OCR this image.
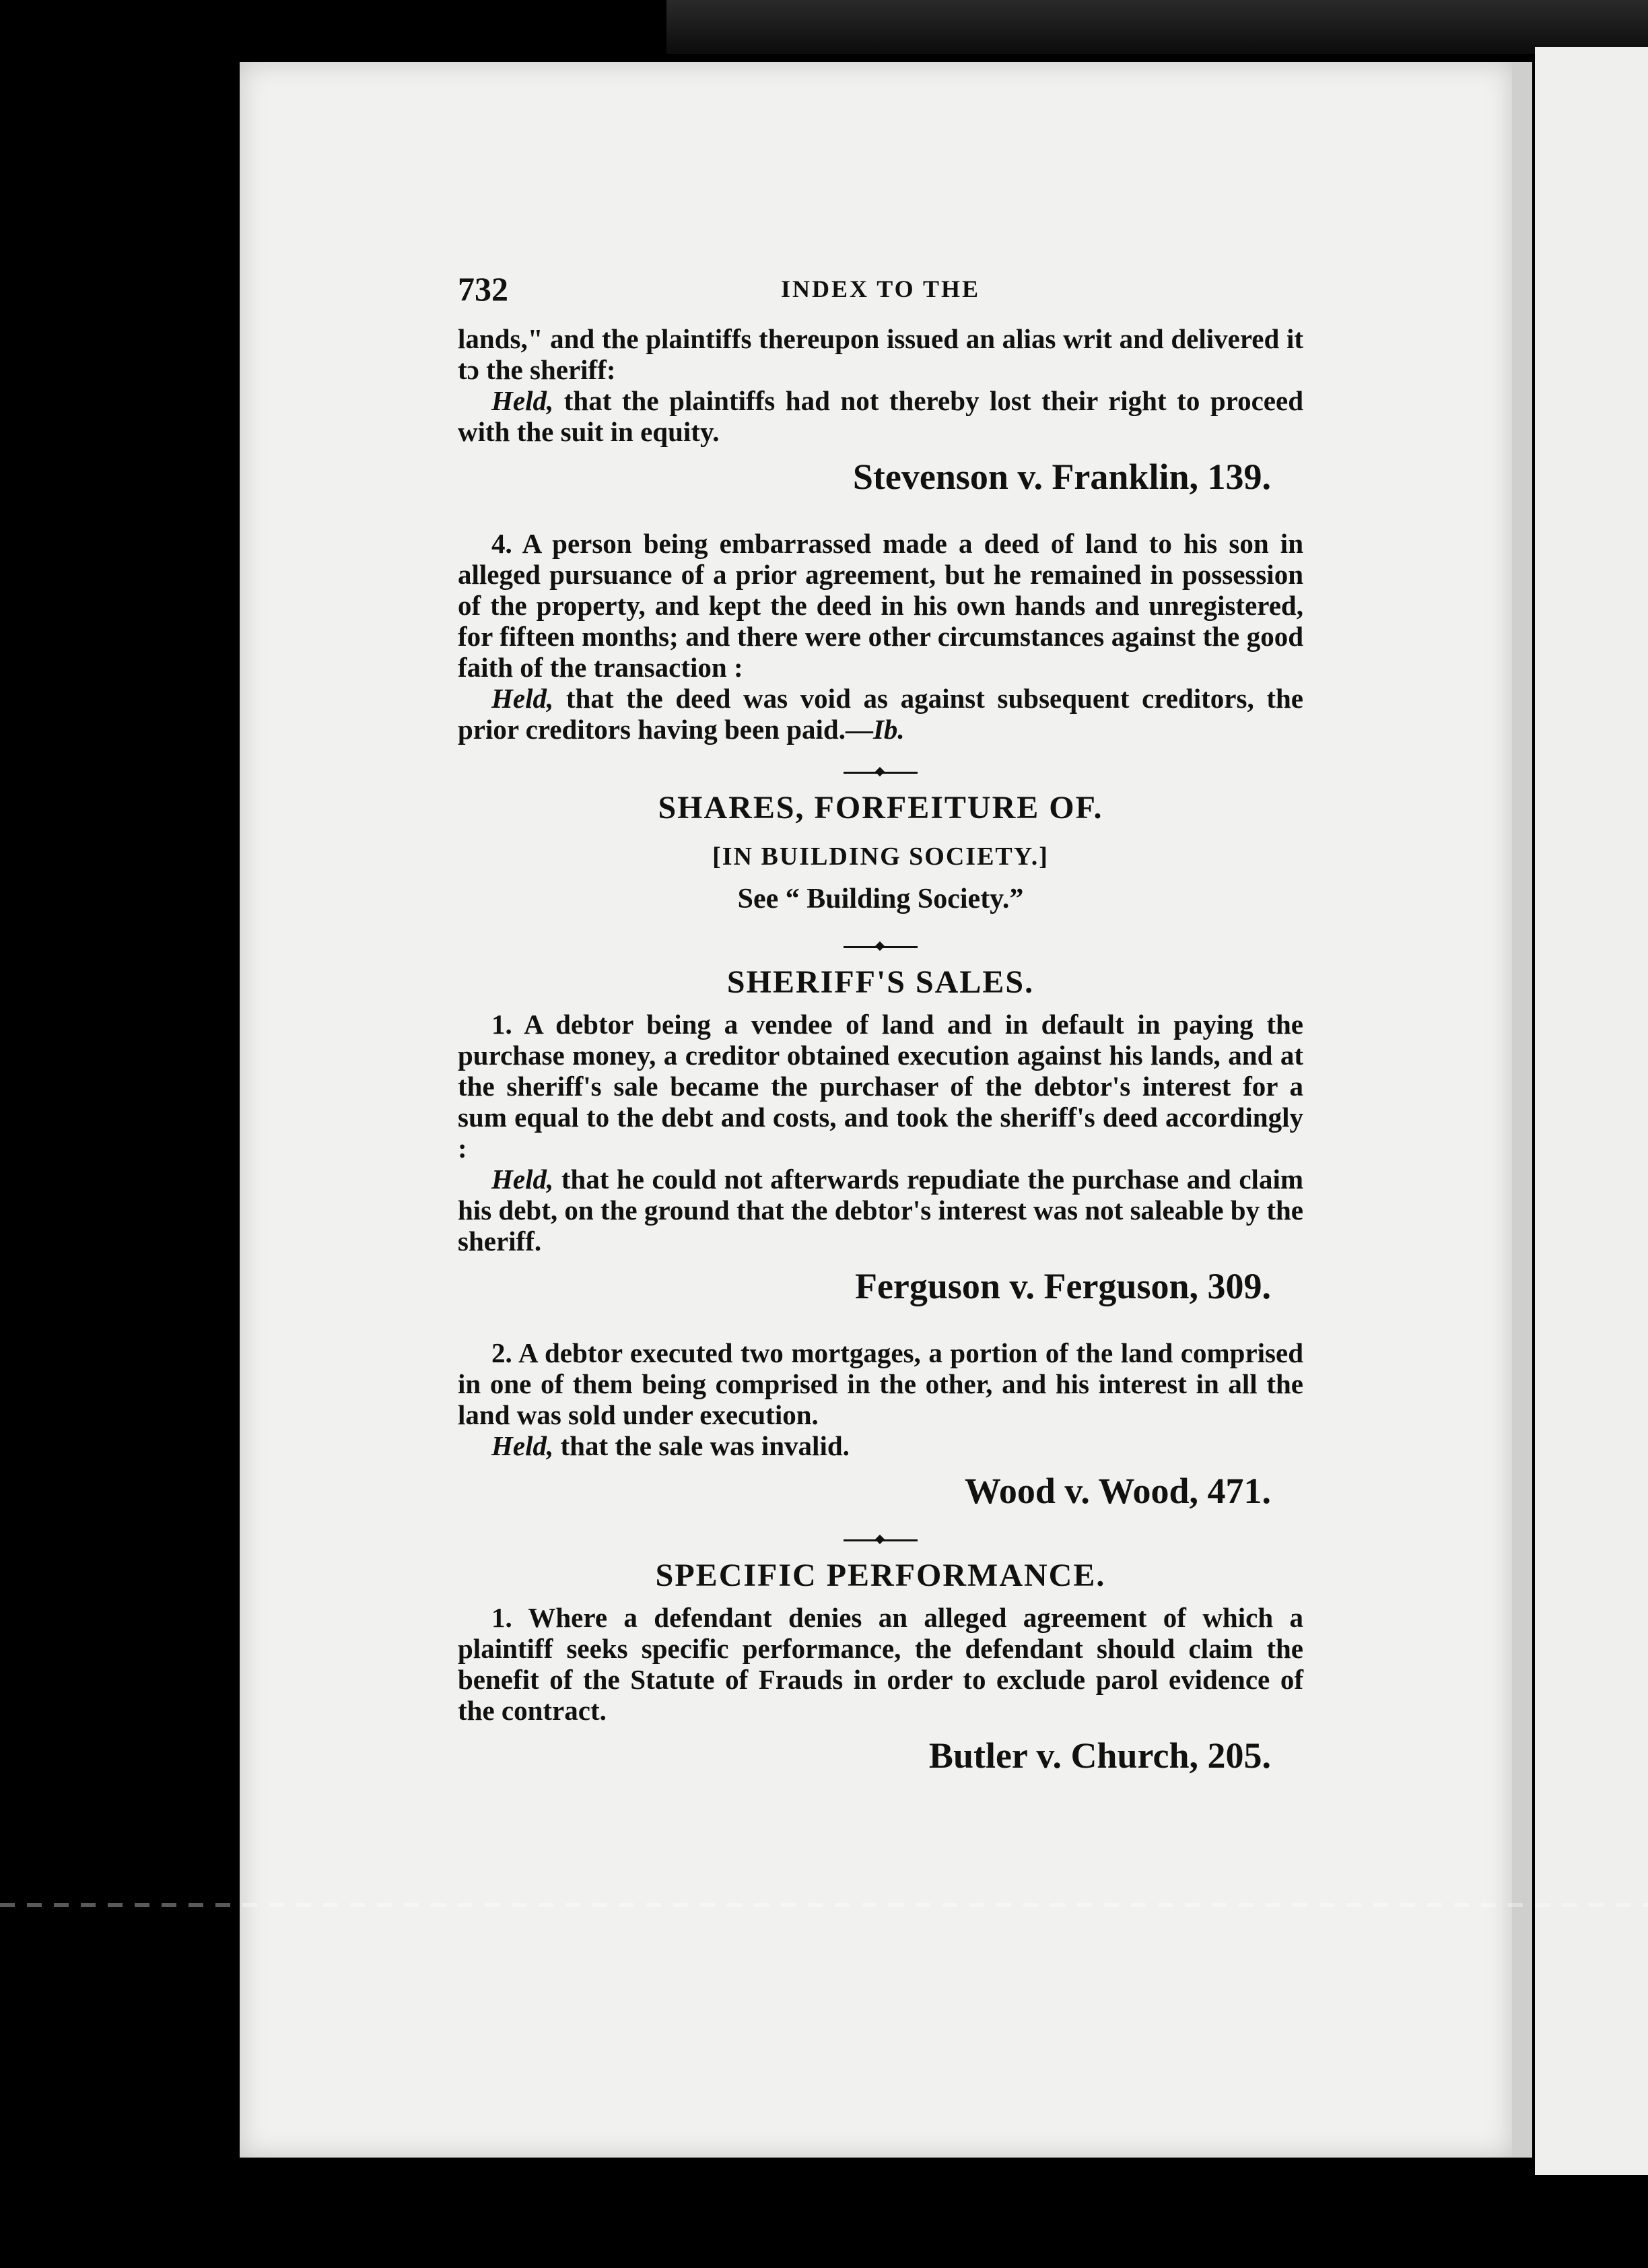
732	INDEX TO THE

lands," and the plaintiffs thereupon issued an alias writ and delivered it tɔ the sheriff:

Held, that the plaintiffs had not thereby lost their right to proceed with the suit in equity.

Stevenson v. Franklin, 139.

4. A person being embarrassed made a deed of land to his son in alleged pursuance of a prior agreement, but he remained in possession of the property, and kept the deed in his own hands and unregistered, for fifteen months; and there were other circumstances against the good faith of the transaction :

Held, that the deed was void as against subsequent creditors, the prior creditors having been paid.—Ib.

SHARES, FORFEITURE OF.
[IN BUILDING SOCIETY.]
See “ Building Society.”
SHERIFF'S SALES.

1. A debtor being a vendee of land and in default in paying the purchase money, a creditor obtained execution against his lands, and at the sheriff's sale became the purchaser of the debtor's interest for a sum equal to the debt and costs, and took the sheriff's deed accordingly :

Held, that he could not afterwards repudiate the purchase and claim his debt, on the ground that the debtor's interest was not saleable by the sheriff.

Ferguson v. Ferguson, 309.

2. A debtor executed two mortgages, a portion of the land comprised in one of them being comprised in the other, and his interest in all the land was sold under execution.

Held, that the sale was invalid.

Wood v. Wood, 471.
SPECIFIC PERFORMANCE.

1. Where a defendant denies an alleged agreement of which a plaintiff seeks specific performance, the defendant should claim the benefit of the Statute of Frauds in order to exclude parol evidence of the contract.

Butler v. Church, 205.
